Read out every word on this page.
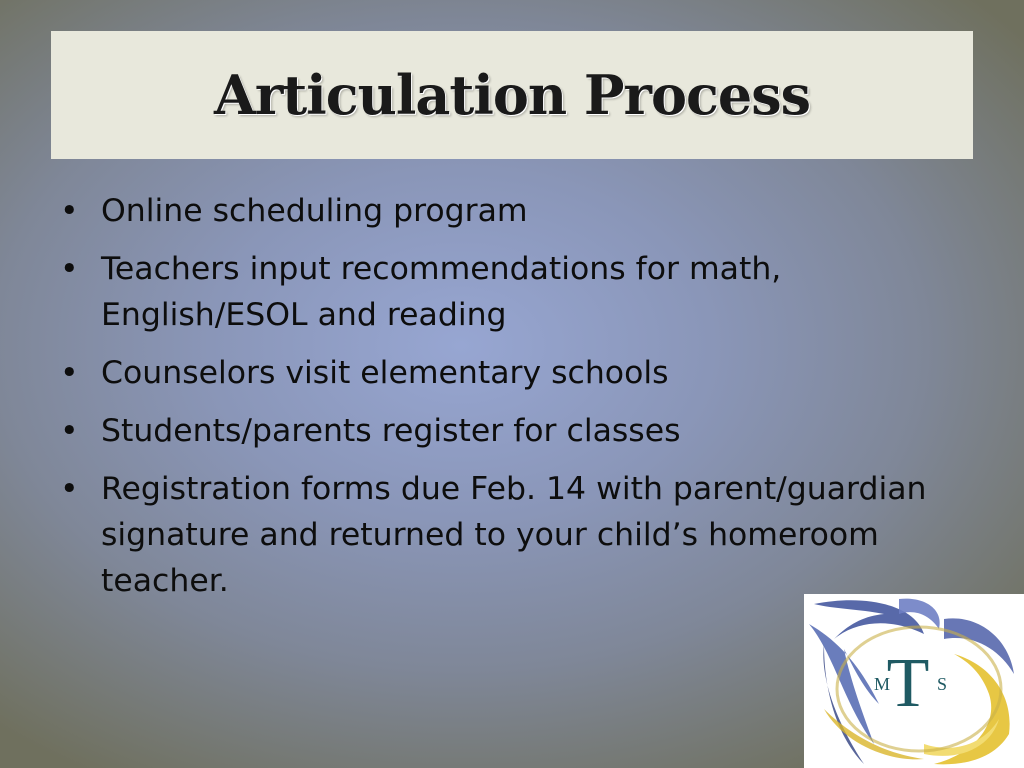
Articulation Process
• Online scheduling program
• Teachers input recommendations for math, English/ESOL and reading
• Counselors visit elementary schools
• Students/parents register for classes
• Registration forms due Feb. 14 with parent/guardian signature and returned to your child’s homeroom teacher.
T
M	S
